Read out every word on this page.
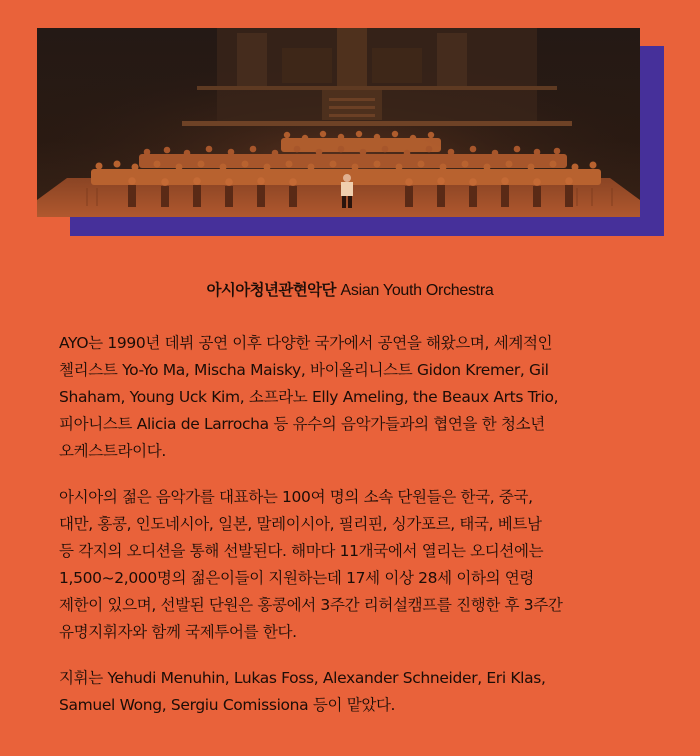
아시아청년관현악단 Asian Youth Orchestra

AYO는 1990년 데뷔 공연 이후 다양한 국가에서 공연을 해왔으며, 세계적인
첼리스트 Yo-Yo Ma, Mischa Maisky, 바이올리니스트 Gidon Kremer, Gil
Shaham, Young Uck Kim, 소프라노 Elly Ameling, the Beaux Arts Trio,
피아니스트 Alicia de Larrocha 등 유수의 음악가들과의 협연을 한 청소년
오케스트라이다.

아시아의 젊은 음악가를 대표하는 100여 명의 소속 단원들은 한국, 중국,
대만, 홍콩, 인도네시아, 일본, 말레이시아, 필리핀, 싱가포르, 태국, 베트남
등 각지의 오디션을 통해 선발된다. 해마다 11개국에서 열리는 오디션에는
1,500~2,000명의 젊은이들이 지원하는데 17세 이상 28세 이하의 연령
제한이 있으며, 선발된 단원은 홍콩에서 3주간 리허설캠프를 진행한 후 3주간
유명지휘자와 함께 국제투어를 한다.

지휘는 Yehudi Menuhin, Lukas Foss, Alexander Schneider, Eri Klas,
Samuel Wong, Sergiu Comissiona 등이 맡았다.
